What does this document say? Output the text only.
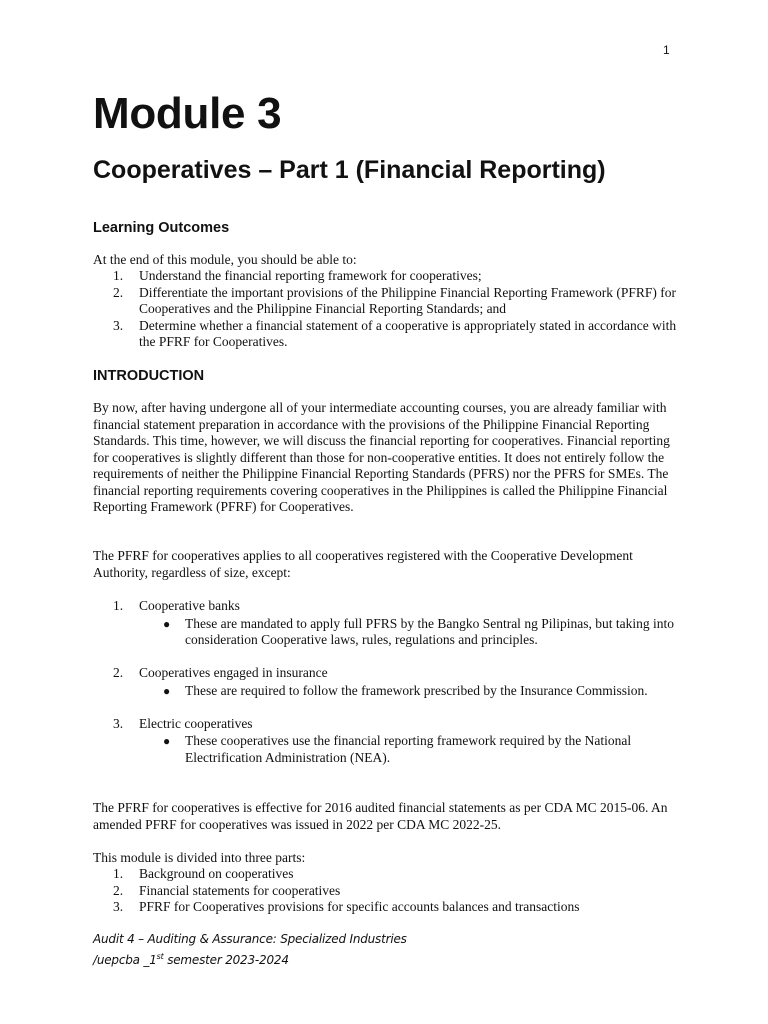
1
Module 3
Cooperatives – Part 1 (Financial Reporting)
Learning Outcomes

At the end of this module, you should be able to:

1. Understand the financial reporting framework for cooperatives;
2. Differentiate the important provisions of the Philippine Financial Reporting Framework (PFRF) for Cooperatives and the Philippine Financial Reporting Standards; and
3. Determine whether a financial statement of a cooperative is appropriately stated in accordance with the PFRF for Cooperatives.
INTRODUCTION

By now, after having undergone all of your intermediate accounting courses, you are already familiar with financial statement preparation in accordance with the provisions of the Philippine Financial Reporting Standards. This time, however, we will discuss the financial reporting for cooperatives. Financial reporting for cooperatives is slightly different than those for non-cooperative entities. It does not entirely follow the requirements of neither the Philippine Financial Reporting Standards (PFRS) nor the PFRS for SMEs. The financial reporting requirements covering cooperatives in the Philippines is called the Philippine Financial Reporting Framework (PFRF) for Cooperatives.

The PFRF for cooperatives applies to all cooperatives registered with the Cooperative Development Authority, regardless of size, except:

1. Cooperative banks
● These are mandated to apply full PFRS by the Bangko Sentral ng Pilipinas, but taking into consideration Cooperative laws, rules, regulations and principles.
2. Cooperatives engaged in insurance
● These are required to follow the framework prescribed by the Insurance Commission.
3. Electric cooperatives
● These cooperatives use the financial reporting framework required by the National Electrification Administration (NEA).

The PFRF for cooperatives is effective for 2016 audited financial statements as per CDA MC 2015-06. An amended PFRF for cooperatives was issued in 2022 per CDA MC 2022-25.

This module is divided into three parts:

1. Background on cooperatives
2. Financial statements for cooperatives
3. PFRF for Cooperatives provisions for specific accounts balances and transactions
Audit 4 – Auditing & Assurance: Specialized Industries
/uepcba _1st semester 2023-2024
